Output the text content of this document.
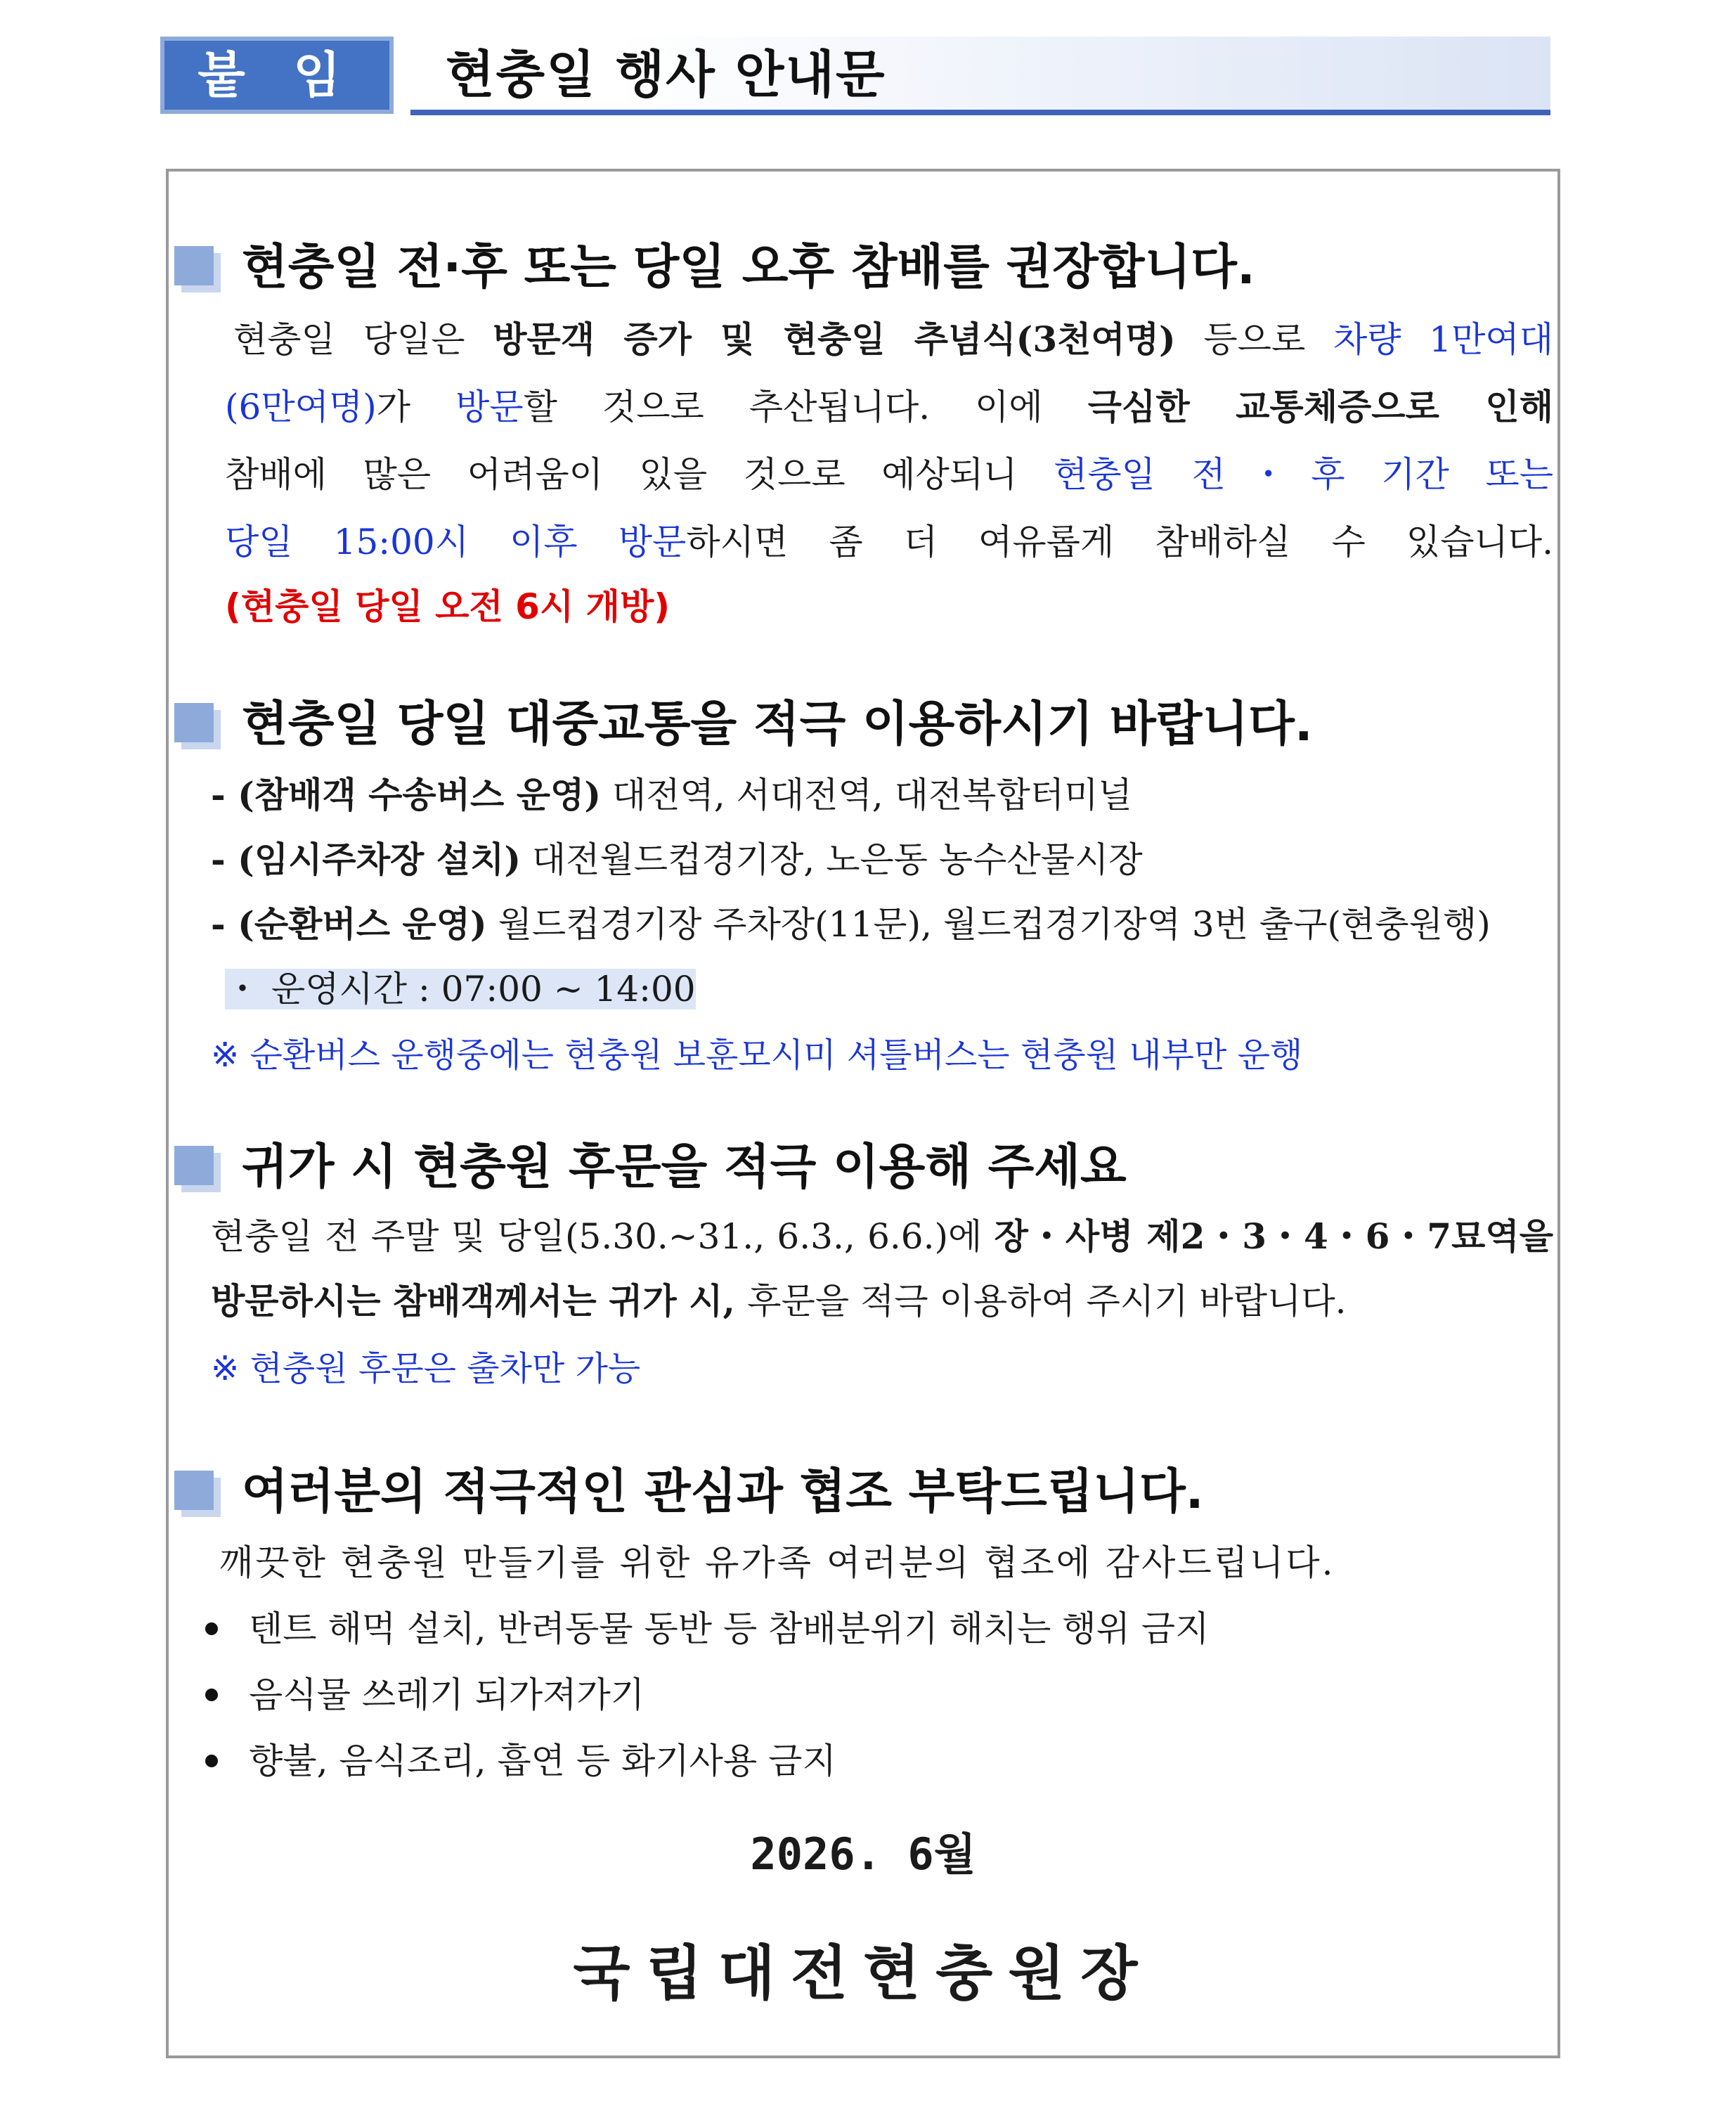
붙 임	현충일 행사 안내문
현충일 전·후 또는 당일 오후 참배를 권장합니다.
현충일 당일은 방문객 증가 및 현충일 추념식(3천여명) 등으로 차량 1만여대
(6만여명)가 방문할 것으로 추산됩니다. 이에 극심한 교통체증으로 인해
참배에 많은 어려움이 있을 것으로 예상되니 현충일 전・후 기간 또는
당일 15:00시 이후 방문하시면 좀 더 여유롭게 참배하실 수 있습니다.
(현충일 당일 오전 6시 개방)
현충일 당일 대중교통을 적극 이용하시기 바랍니다.
- (참배객 수송버스 운영) 대전역, 서대전역, 대전복합터미널
- (임시주차장 설치) 대전월드컵경기장, 노은동 농수산물시장
- (순환버스 운영) 월드컵경기장 주차장(11문), 월드컵경기장역 3번 출구(현충원행)
・ 운영시간 : 07:00 ~ 14:00
※ 순환버스 운행중에는 현충원 보훈모시미 셔틀버스는 현충원 내부만 운행
귀가 시 현충원 후문을 적극 이용해 주세요
현충일 전 주말 및 당일(5.30.~31., 6.3., 6.6.)에 장・사병 제2・3・4・6・7묘역을
방문하시는 참배객께서는 귀가 시, 후문을 적극 이용하여 주시기 바랍니다.
※ 현충원 후문은 출차만 가능
여러분의 적극적인 관심과 협조 부탁드립니다.
깨끗한 현충원 만들기를 위한 유가족 여러분의 협조에 감사드립니다.
텐트 해먹 설치, 반려동물 동반 등 참배분위기 해치는 행위 금지
음식물 쓰레기 되가져가기
향불, 음식조리, 흡연 등 화기사용 금지
2026. 6월
국립대전현충원장
